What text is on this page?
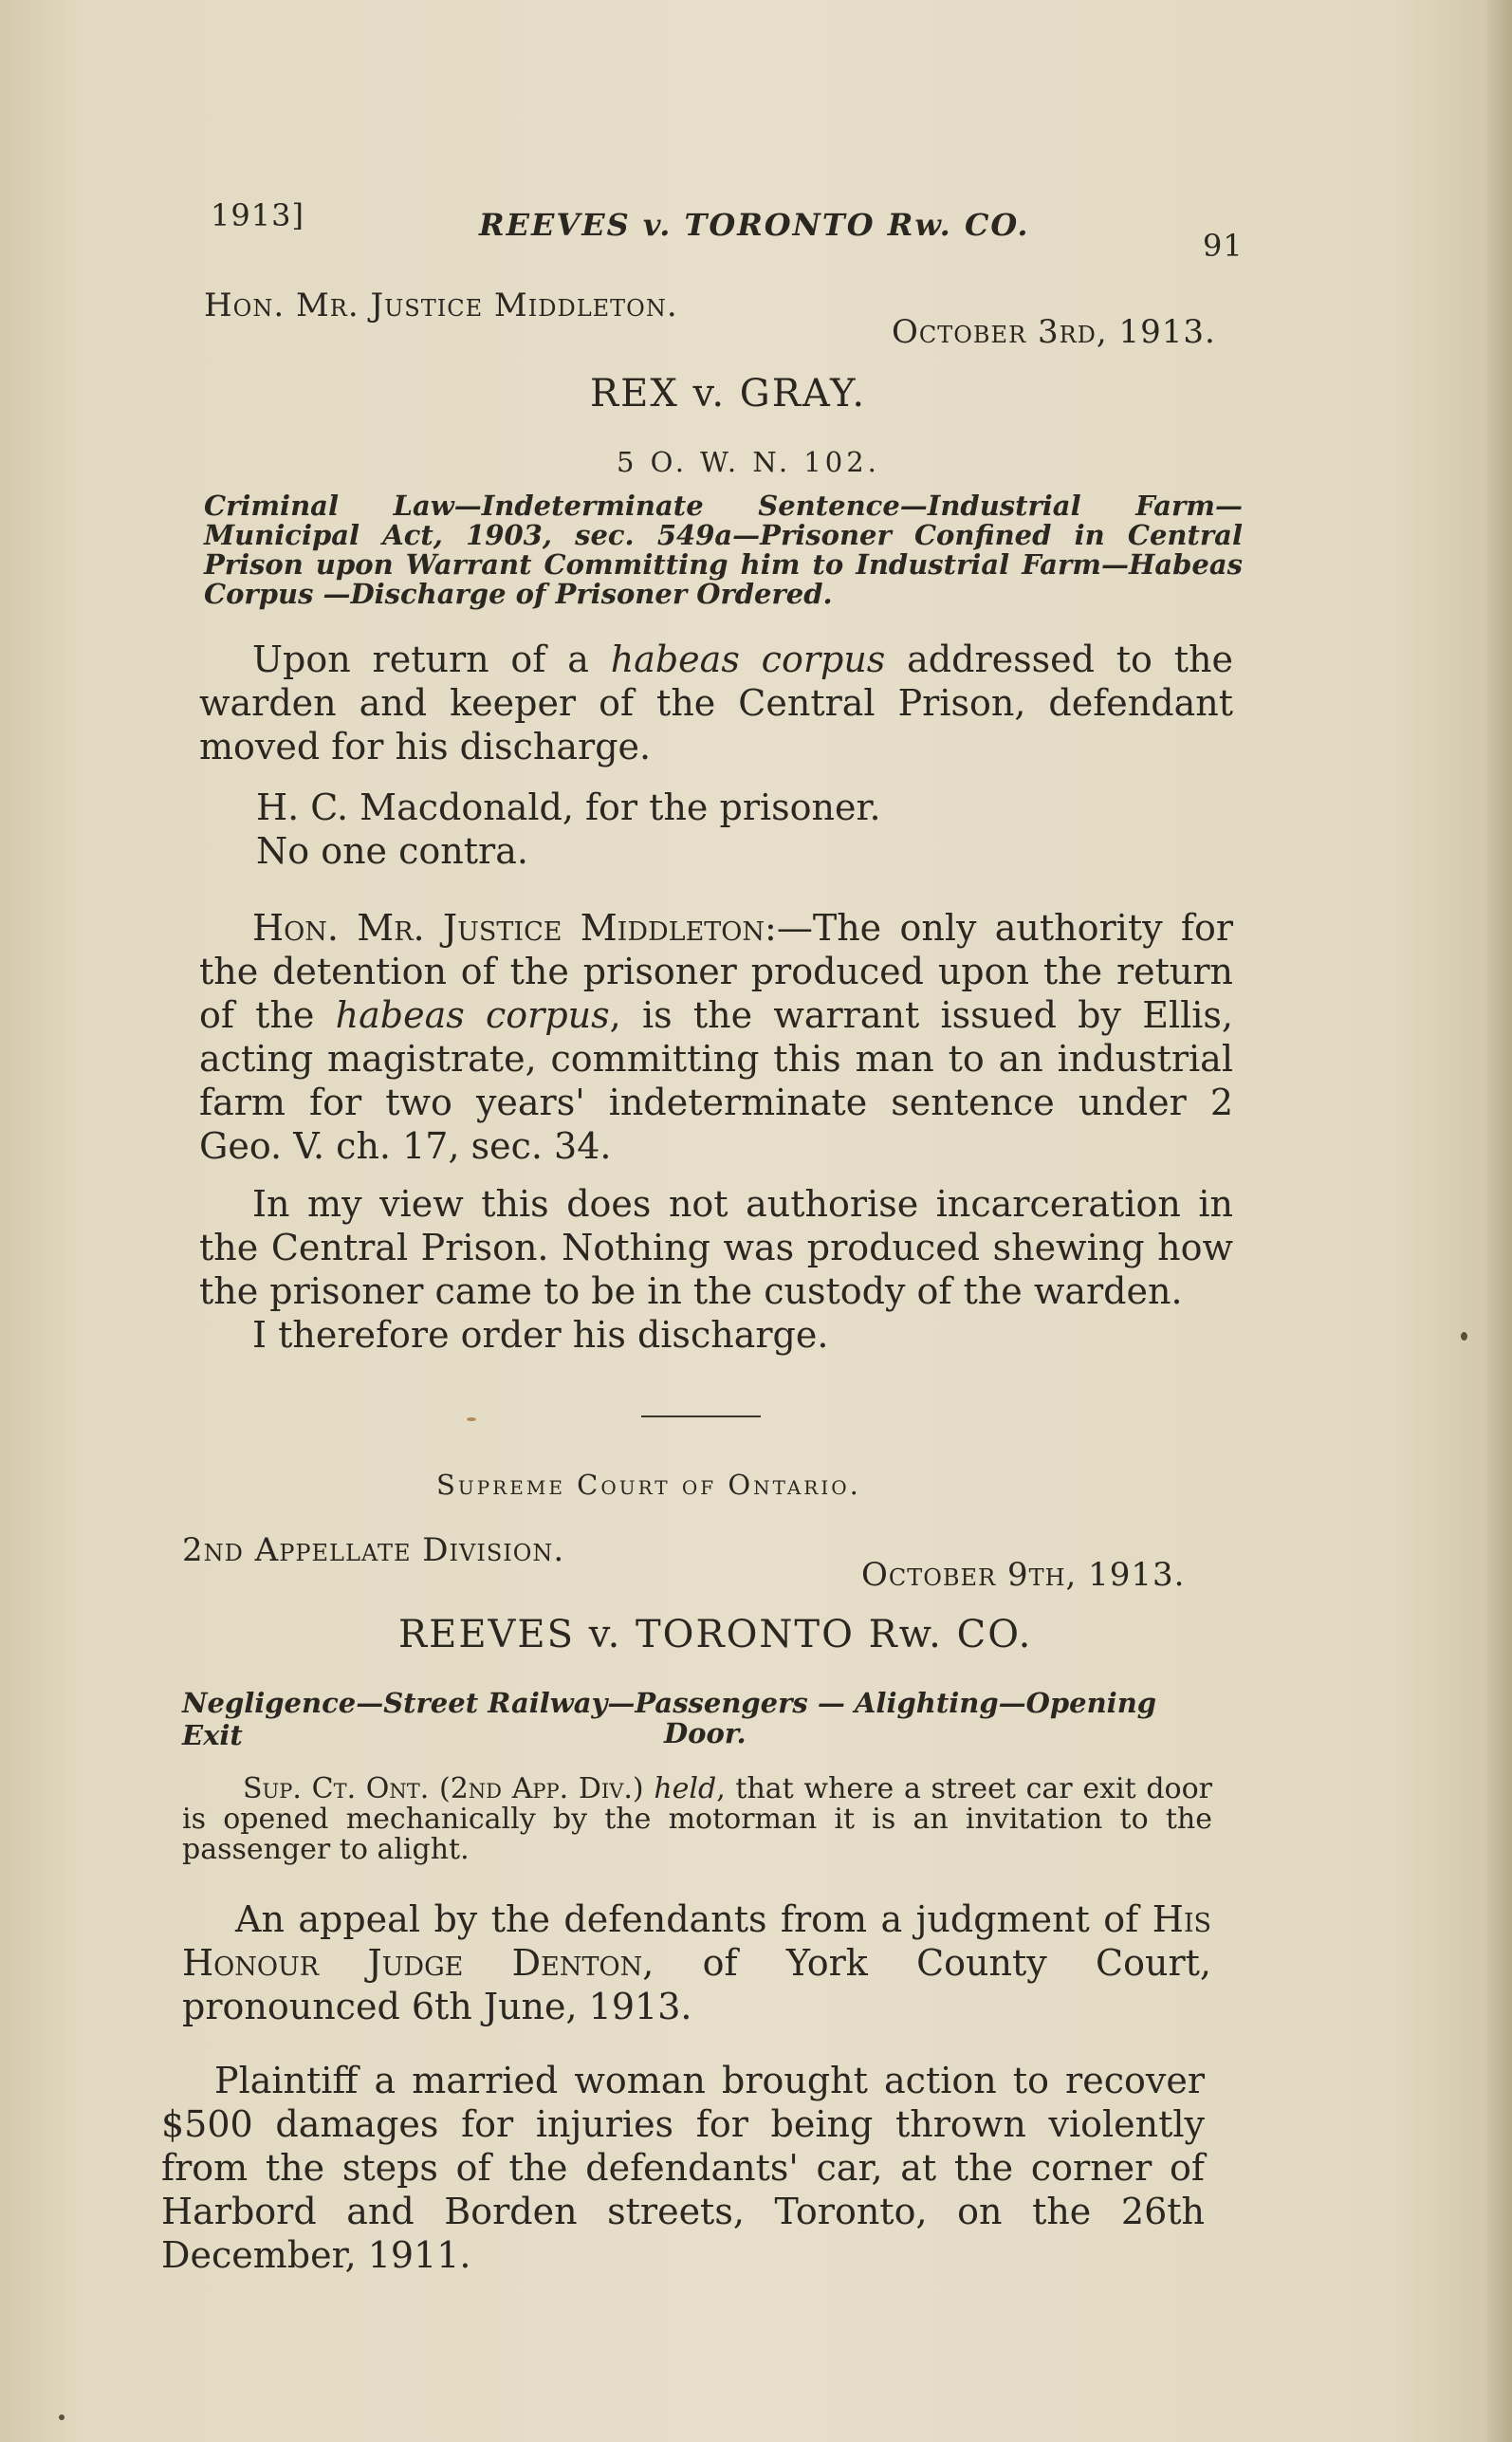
1913]	REEVES v. TORONTO Rw. CO.
91
Hon. Mr. Justice Middleton.
October 3rd, 1913.
REX v. GRAY.
5 O. W. N. 102.

Criminal Law—Indeterminate Sentence—Industrial Farm—Municipal Act, 1903, sec. 549a—Prisoner Confined in Central Prison upon Warrant Committing him to Industrial Farm—Habeas Corpus —Discharge of Prisoner Ordered.

Upon return of a habeas corpus addressed to the warden and keeper of the Central Prison, defendant moved for his discharge.

H. C. Macdonald, for the prisoner.

No one contra.

Hon. Mr. Justice Middleton:—The only authority for the detention of the prisoner produced upon the return of the habeas corpus, is the warrant issued by Ellis, acting magistrate, committing this man to an industrial farm for two years' indeterminate sentence under 2 Geo. V. ch. 17, sec. 34.

In my view this does not authorise incarceration in the Central Prison. Nothing was produced shewing how the prisoner came to be in the custody of the warden.

I therefore order his discharge.

Supreme Court of Ontario.
2nd Appellate Division.
October 9th, 1913.
REEVES v. TORONTO Rw. CO.
Negligence—Street Railway—Passengers — Alighting—Opening Exit	Door.

Sup. Ct. Ont. (2nd App. Div.) held, that where a street car exit door is opened mechanically by the motorman it is an invitation to the passenger to alight.

An appeal by the defendants from a judgment of His Honour Judge Denton, of York County Court, pronounced 6th June, 1913.

Plaintiff a married woman brought action to recover $500 damages for injuries for being thrown violently from the steps of the defendants' car, at the corner of Harbord and Borden streets, Toronto, on the 26th December, 1911.
